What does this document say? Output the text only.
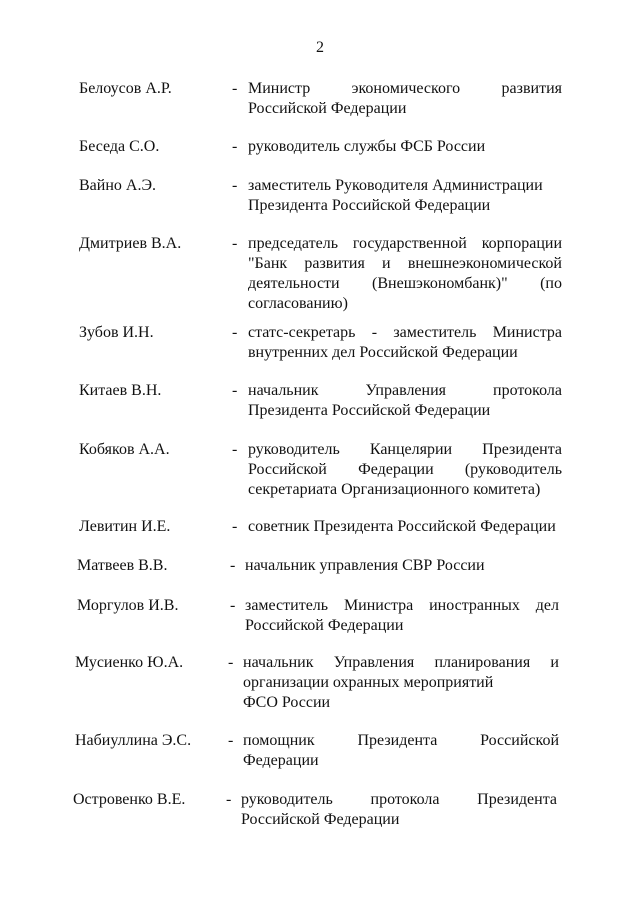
2
Белоусов А.Р.	- Министр экономического развития
Российской Федерации
Беседа С.О.	- руководитель службы ФСБ России
Вайно А.Э.	- заместитель Руководителя Администрации
Президента Российской Федерации
Дмитриев В.А.	- председатель государственной корпорации
"Банк развития и внешнеэкономической
деятельности (Внешэкономбанк)" (по
согласованию)
Зубов И.Н.	- статс-секретарь - заместитель Министра
внутренних дел Российской Федерации
Китаев В.Н.	- начальник Управления протокола
Президента Российской Федерации
Кобяков А.А.	- руководитель Канцелярии Президента
Российской Федерации (руководитель
секретариата Организационного комитета)
Левитин И.Е.	- советник Президента Российской Федерации
Матвеев В.В.	- начальник управления СВР России
Моргулов И.В.	- заместитель Министра иностранных дел
Российской Федерации
Мусиенко Ю.А.	- начальник Управления планирования и
организации охранных мероприятий
ФСО России
Набиуллина Э.С. - помощник Президента Российской
Федерации
Островенко В.Е.	- руководитель протокола Президента
Российской Федерации
